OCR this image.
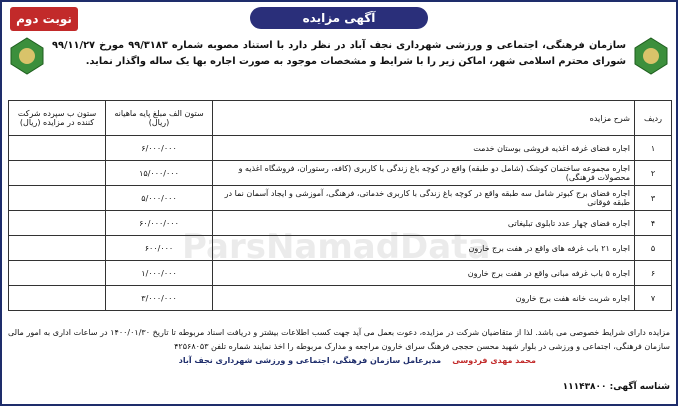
ParsNamadData
آگهی مزایده
نوبت دوم
سازمان فرهنگی، اجتماعی و ورزشی شهرداری نجف آباد در نظر دارد با استناد مصوبه شماره ۹۹/۳۱۸۳ مورخ ۹۹/۱۱/۲۷ شورای محترم اسلامی شهر، اماکن زیر را با شرایط و مشخصات موجود به صورت اجاره بها یک ساله واگذار نماید.
ردیف	شرح مزایده	ستون الف مبلغ پایه ماهیانه (ریال)	ستون ب سپرده شرکت کننده در مزایده (ریال)
۱	اجاره فضای غرفه اغذیه فروشی بوستان خدمت	۶/۰۰۰/۰۰۰	
۲	اجاره مجموعه ساختمان کوشک (شامل دو طبقه) واقع در کوچه باغ زندگی با کاربری (کافه، رستوران، فروشگاه اغذیه و محصولات فرهنگی)	۱۵/۰۰۰/۰۰۰	
۳	اجاره فضای برج کبوتر شامل سه طبقه واقع در کوچه باغ زندگی با کاربری خدماتی، فرهنگی، آموزشی و ایجاد آسمان نما در طبقه فوقانی	۵/۰۰۰/۰۰۰	
۴	اجاره فضای چهار عدد تابلوی تبلیغاتی	۶۰/۰۰۰/۰۰۰	
۵	اجاره ۲۱ باب غرفه های واقع در هفت برج خارون	۶۰۰/۰۰۰	
۶	اجاره ۵ باب غرفه مبانی واقع در هفت برج خارون	۱/۰۰۰/۰۰۰	
۷	اجاره شربت خانه هفت برج خارون	۳/۰۰۰/۰۰۰	
مزایده دارای شرایط خصوصی می باشد. لذا از متقاضیان شرکت در مزایده، دعوت بعمل می آید جهت کسب اطلاعات بیشتر و دریافت اسناد مربوطه تا تاریخ ۱۴۰۰/۰۱/۳۰ در ساعات اداری به امور مالی سازمان فرهنگی، اجتماعی و ورزشی در بلوار شهید محسن حججی فرهنگ سرای خارون مراجعه و مدارک مربوطه را اخذ نمایند شماره تلفن ۴۲۵۶۸۰۵۳
محمد مهدی فردوسی    مدیرعامل سازمان فرهنگی، اجتماعی و ورزشی شهرداری نجف آباد
شناسه آگهی: ۱۱۱۴۳۸۰۰
